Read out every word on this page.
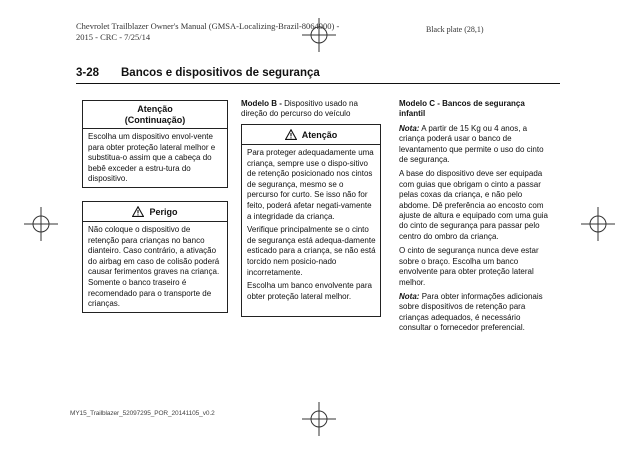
Chevrolet Trailblazer Owner's Manual (GMSA-Localizing-Brazil-8064900) -
2015 - CRC - 7/25/14
Black plate (28,1)
3-28 Bancos e dispositivos de segurança
Atenção
(Continuação)
Escolha um dispositivo envol-vente para obter proteção lateral melhor e substitua-o assim que a cabeça do bebê exceder a estru-tura do dispositivo.
Perigo
Não coloque o dispositivo de retenção para crianças no banco dianteiro. Caso contrário, a ativação do airbag em caso de colisão poderá causar ferimentos graves na criança. Somente o banco traseiro é recomendado para o transporte de crianças.
Modelo B - Dispositivo usado na direção do percurso do veículo
Atenção

Para proteger adequadamente uma criança, sempre use o dispo-sitivo de retenção posicionado nos cintos de segurança, mesmo se o percurso for curto. Se isso não for feito, poderá afetar negati-vamente a integridade da criança.

Verifique principalmente se o cinto de segurança está adequa-damente esticado para a criança, se não está torcido nem posicio-nado incorretamente.

Escolha um banco envolvente para obter proteção lateral melhor.

Modelo C - Bancos de segurança infantil

Nota: A partir de 15 Kg ou 4 anos, a criança poderá usar o banco de levantamento que permite o uso do cinto de segurança.

A base do dispositivo deve ser equipada com guias que obrigam o cinto a passar pelas coxas da criança, e não pelo abdome. Dê preferência ao encosto com ajuste de altura e equipado com uma guia do cinto de segurança para passar pelo centro do ombro da criança.

O cinto de segurança nunca deve estar sobre o braço. Escolha um banco envolvente para obter proteção lateral melhor.

Nota: Para obter informações adicionais sobre dispositivos de retenção para crianças adequados, é necessário consultar o fornecedor preferencial.

MY15_Trailblazer_52097295_POR_20141105_v0.2
